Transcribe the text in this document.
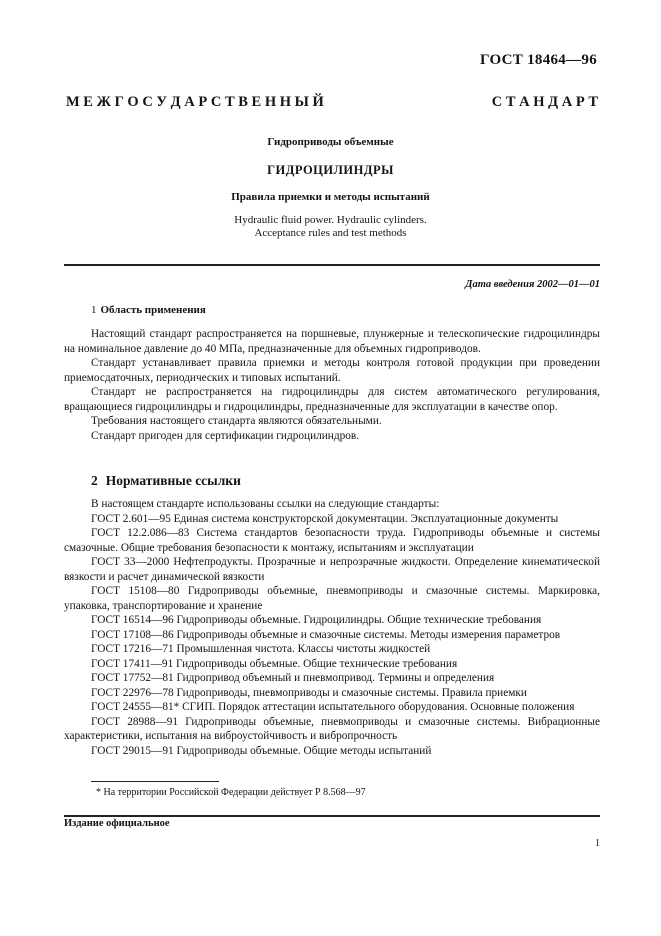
ГОСТ 18464—96
М Е Ж Г О С У Д А Р С Т В Е Н Н Ы Й	С Т А Н Д А Р Т
Гидроприводы объемные
ГИДРОЦИЛИНДРЫ
Правила приемки и методы испытаний
Hydraulic fluid power. Hydraulic cylinders.
Acceptance rules and test methods
Дата введения 2002—01—01
1 Область применения

Настоящий стандарт распространяется на поршневые, плунжерные и телескопические гидроцилиндры на номинальное давление до 40 МПа, предназначенные для объемных гидроприводов.

Стандарт устанавливает правила приемки и методы контроля готовой продукции при проведении приемосдаточных, периодических и типовых испытаний.

Стандарт не распространяется на гидроцилиндры для систем автоматического регулирования, вращающиеся гидроцилиндры и гидроцилиндры, предназначенные для эксплуатации в качестве опор.

Требования настоящего стандарта являются обязательными.

Стандарт пригоден для сертификации гидроцилиндров.

2 Нормативные ссылки

В настоящем стандарте использованы ссылки на следующие стандарты:

ГОСТ 2.601—95 Единая система конструкторской документации. Эксплуатационные документы

ГОСТ 12.2.086—83 Система стандартов безопасности труда. Гидроприводы объемные и системы смазочные. Общие требования безопасности к монтажу, испытаниям и эксплуатации

ГОСТ 33—2000 Нефтепродукты. Прозрачные и непрозрачные жидкости. Определение кинематической вязкости и расчет динамической вязкости

ГОСТ 15108—80 Гидроприводы объемные, пневмоприводы и смазочные системы. Маркировка, упаковка, транспортирование и хранение

ГОСТ 16514—96 Гидроприводы объемные. Гидроцилиндры. Общие технические требования

ГОСТ 17108—86 Гидроприводы объемные и смазочные системы. Методы измерения параметров

ГОСТ 17216—71 Промышленная чистота. Классы чистоты жидкостей

ГОСТ 17411—91 Гидроприводы объемные. Общие технические требования

ГОСТ 17752—81 Гидропривод объемный и пневмопривод. Термины и определения

ГОСТ 22976—78 Гидроприводы, пневмоприводы и смазочные системы. Правила приемки

ГОСТ 24555—81* СГИП. Порядок аттестации испытательного оборудования. Основные положения

ГОСТ 28988—91 Гидроприводы объемные, пневмоприводы и смазочные системы. Вибрационные характеристики, испытания на виброустойчивость и вибропрочность

ГОСТ 29015—91 Гидроприводы объемные. Общие методы испытаний

* На территории Российской Федерации действует Р 8.568—97
Издание официальное
1
